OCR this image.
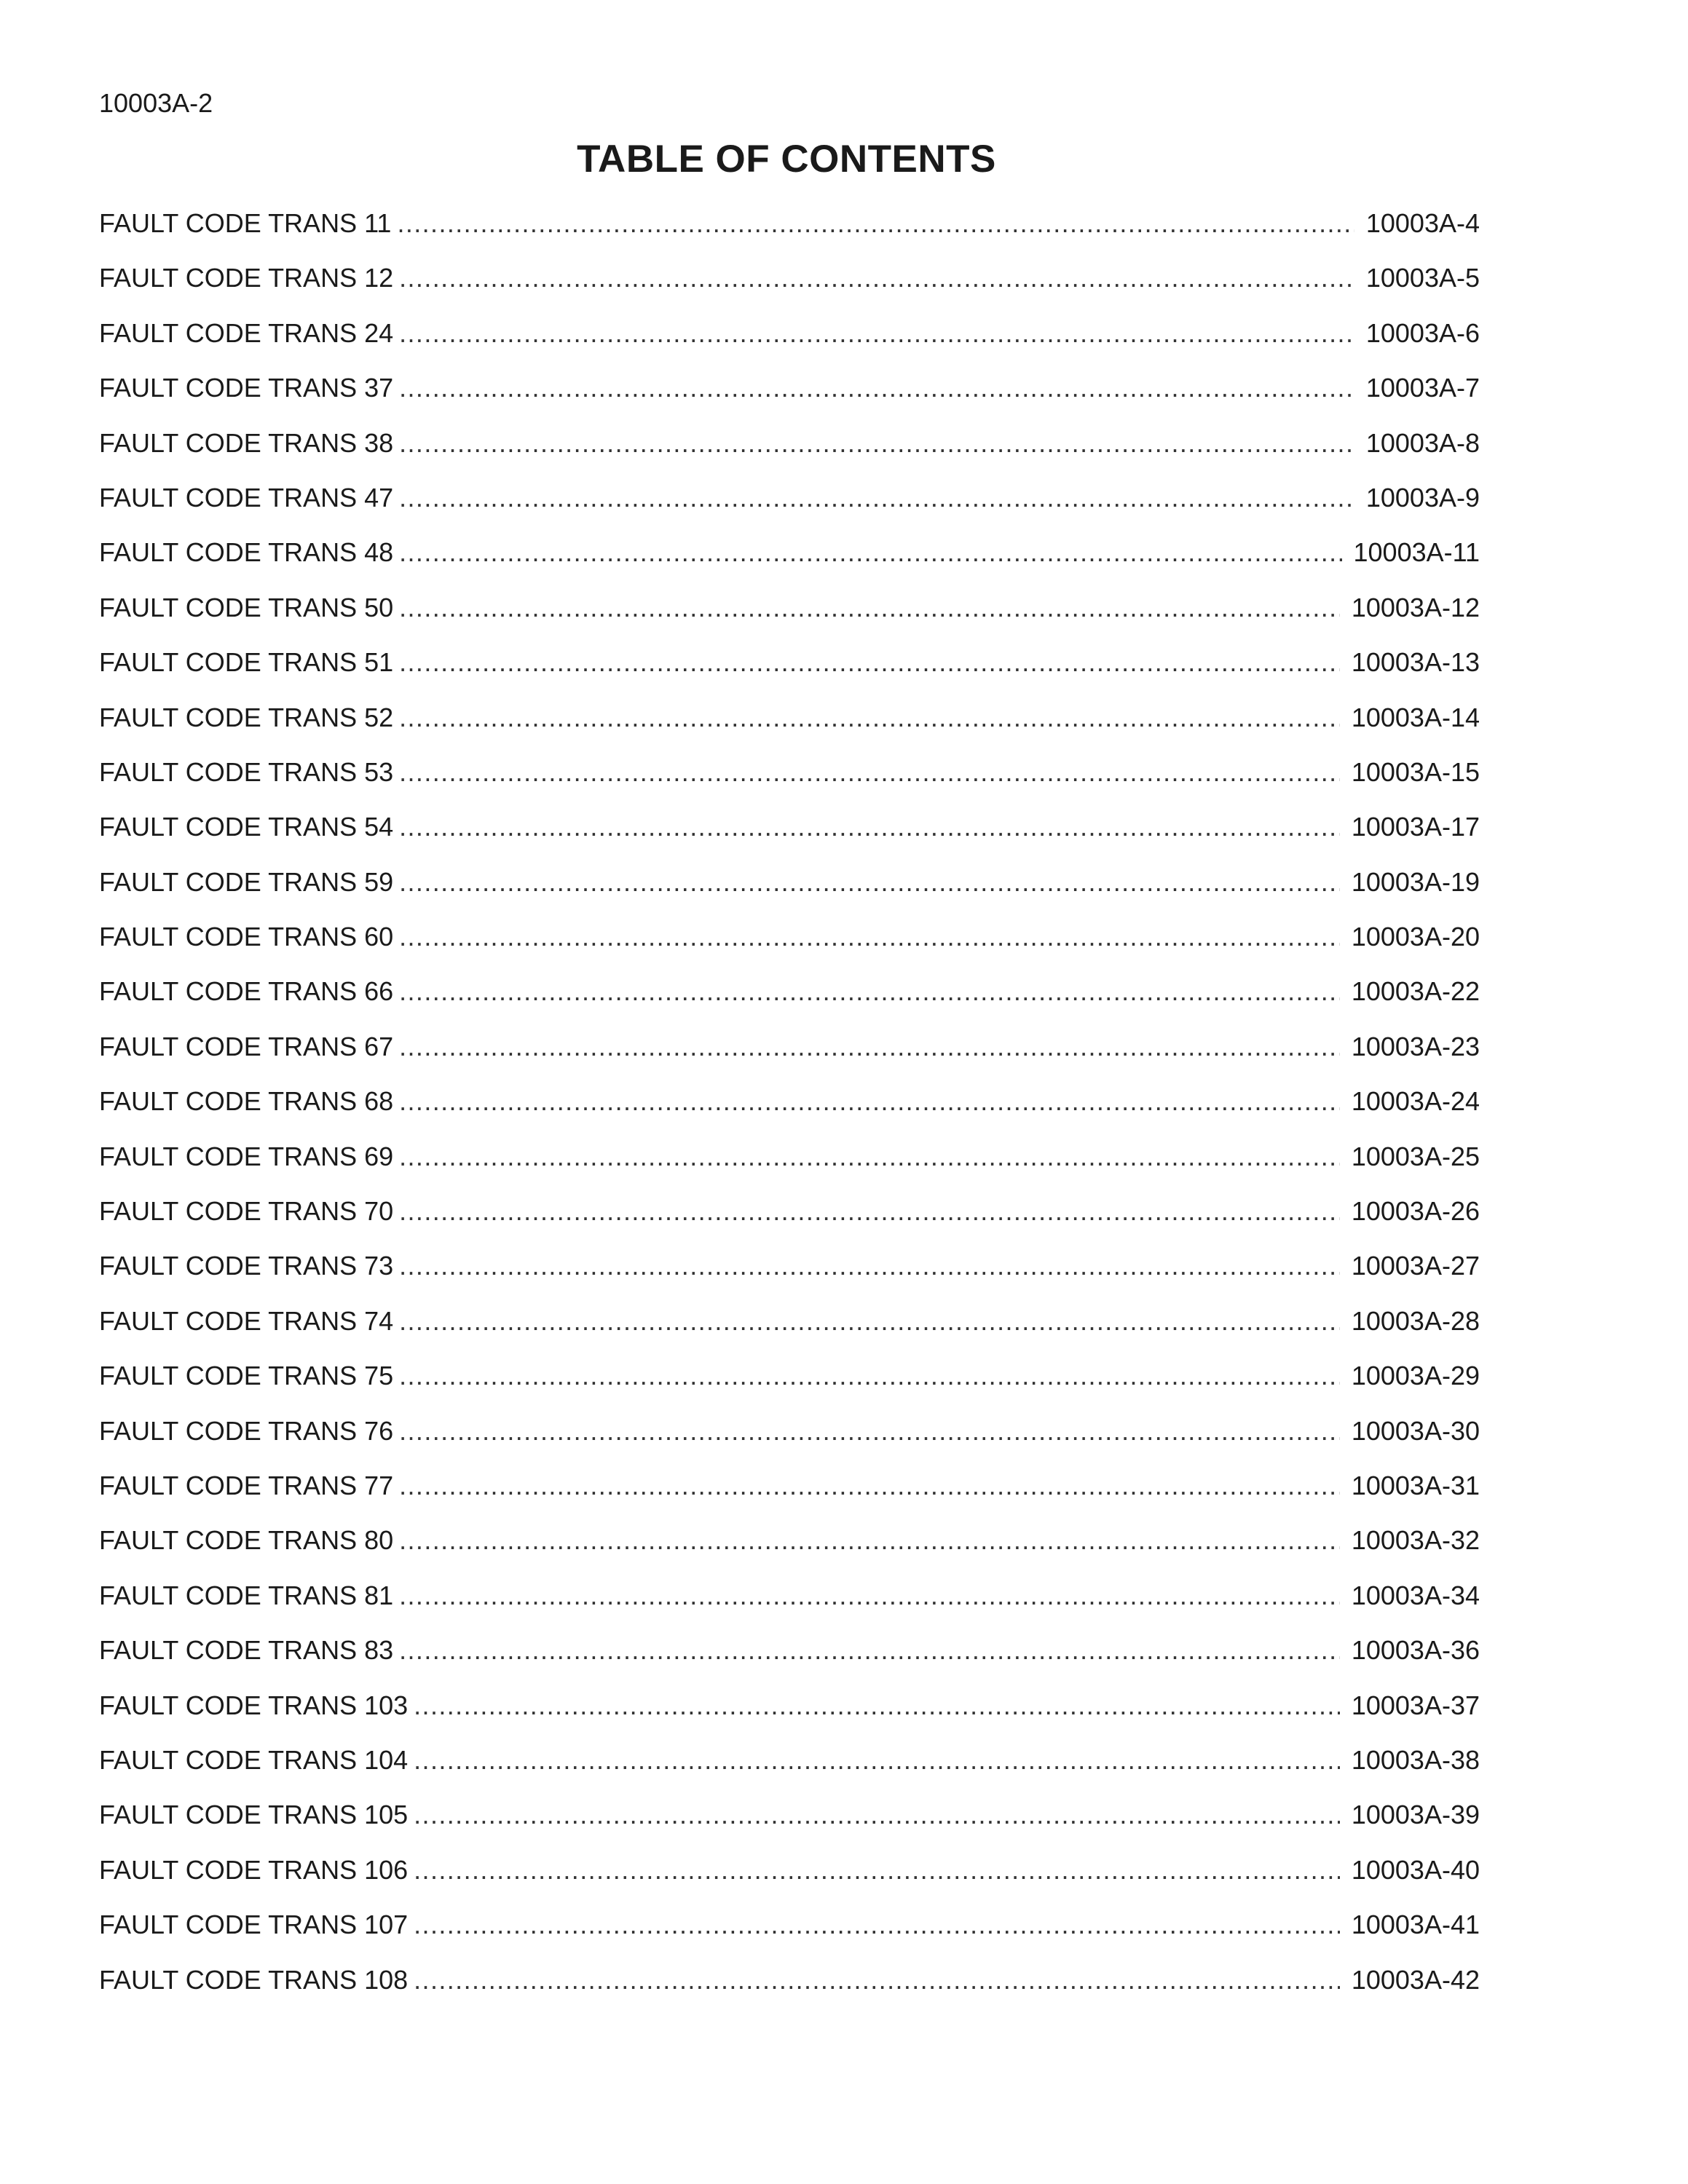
10003A-2
TABLE OF CONTENTS
FAULT CODE TRANS 11 .....	10003A-4
FAULT CODE TRANS 12 .....	10003A-5
FAULT CODE TRANS 24 .....	10003A-6
FAULT CODE TRANS 37 .....	10003A-7
FAULT CODE TRANS 38 .....	10003A-8
FAULT CODE TRANS 47 .....	10003A-9
FAULT CODE TRANS 48 .....	10003A-11
FAULT CODE TRANS 50 .....	10003A-12
FAULT CODE TRANS 51 .....	10003A-13
FAULT CODE TRANS 52 .....	10003A-14
FAULT CODE TRANS 53 .....	10003A-15
FAULT CODE TRANS 54 .....	10003A-17
FAULT CODE TRANS 59 .....	10003A-19
FAULT CODE TRANS 60 .....	10003A-20
FAULT CODE TRANS 66 .....	10003A-22
FAULT CODE TRANS 67 .....	10003A-23
FAULT CODE TRANS 68 .....	10003A-24
FAULT CODE TRANS 69 .....	10003A-25
FAULT CODE TRANS 70 .....	10003A-26
FAULT CODE TRANS 73 .....	10003A-27
FAULT CODE TRANS 74 .....	10003A-28
FAULT CODE TRANS 75 .....	10003A-29
FAULT CODE TRANS 76 .....	10003A-30
FAULT CODE TRANS 77 .....	10003A-31
FAULT CODE TRANS 80 .....	10003A-32
FAULT CODE TRANS 81 .....	10003A-34
FAULT CODE TRANS 83 .....	10003A-36
FAULT CODE TRANS 103 .....	10003A-37
FAULT CODE TRANS 104 .....	10003A-38
FAULT CODE TRANS 105 .....	10003A-39
FAULT CODE TRANS 106 .....	10003A-40
FAULT CODE TRANS 107 .....	10003A-41
FAULT CODE TRANS 108 .....	10003A-42
